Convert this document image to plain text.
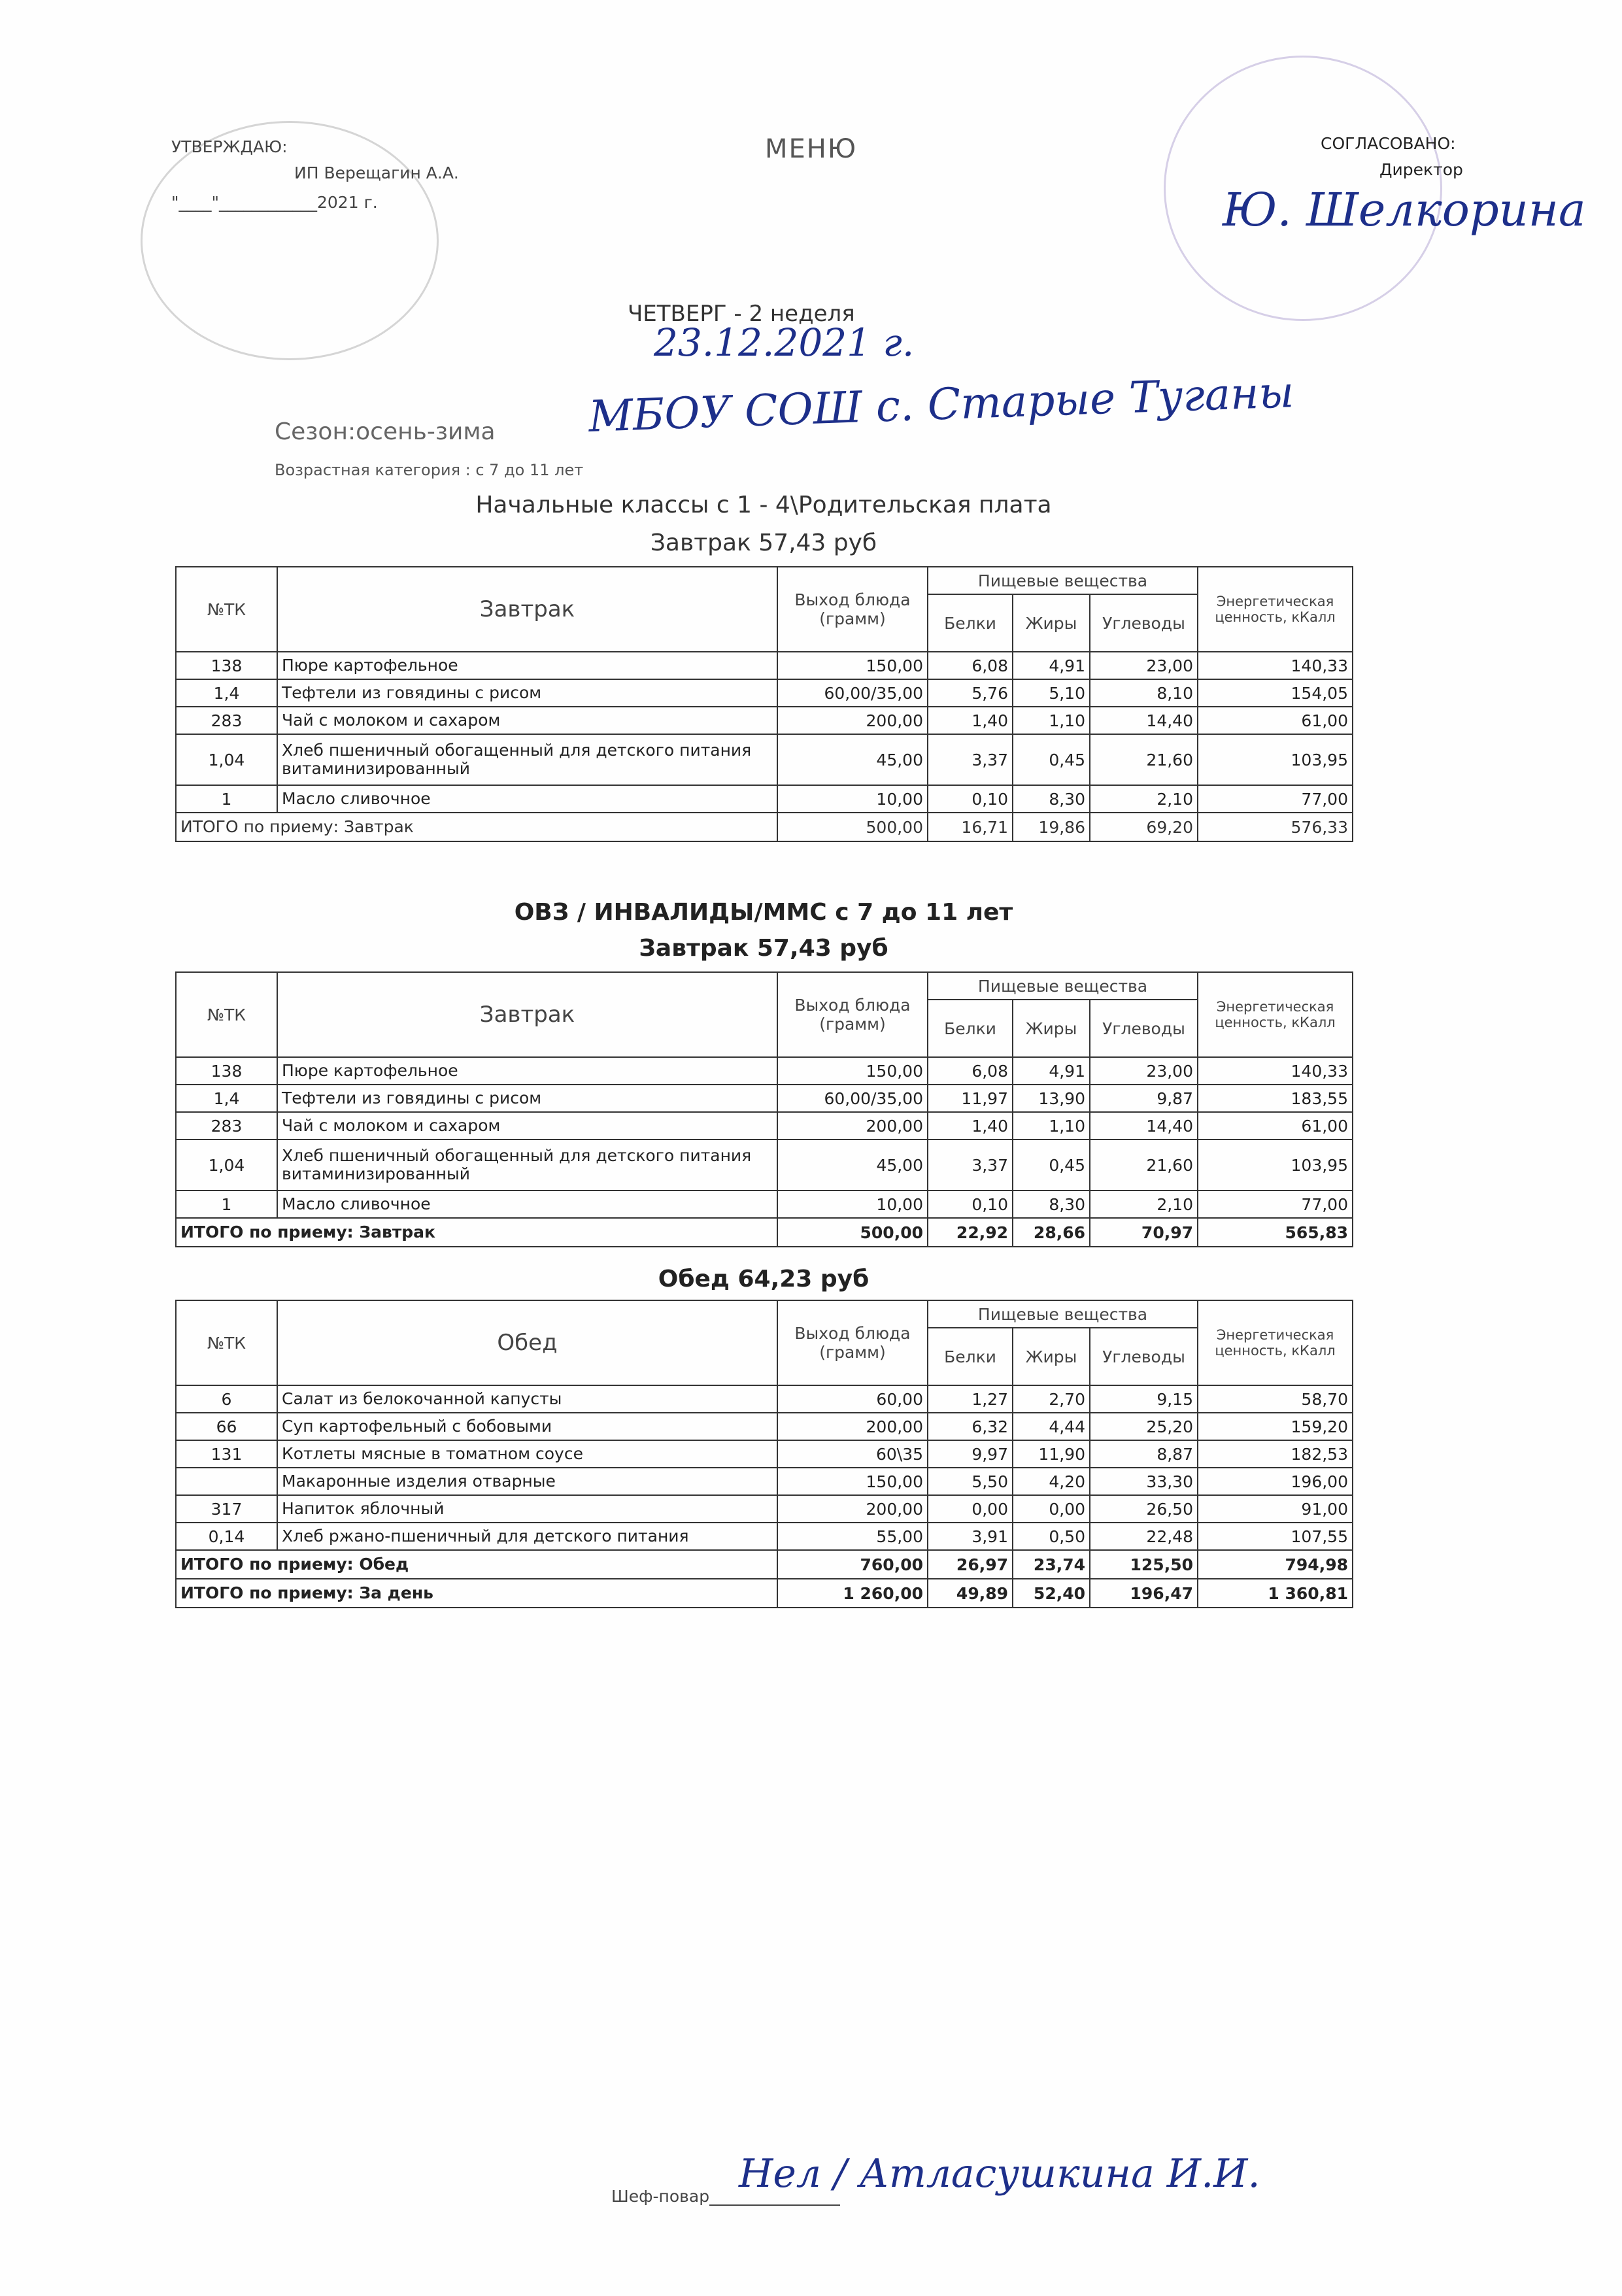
УТВЕРЖДАЮ:
ИП Верещагин А.А.
"____"____________2021 г.
МЕНЮ	СОГЛАСОВАНО:
Директор
Ю. Шелкорина
ЧЕТВЕРГ - 2 неделя
23.12.2021 г.
МБОУ СОШ с. Старые Туганы
Сезон:осень-зима
Возрастная категория : с 7 до 11 лет
Начальные классы с 1 - 4\Родительская плата
Завтрак 57,43 руб
№ТК	Завтрак	Выход блюда (грамм)	Пищевые вещества			Энергетическая ценность, кКалл
			Белки	Жиры	Углеводы	
138	Пюре картофельное	150,00	6,08	4,91	23,00	140,33
1,4	Тефтели из говядины с рисом	60,00/35,00	5,76	5,10	8,10	154,05
283	Чай с молоком и сахаром	200,00	1,40	1,10	14,40	61,00
1,04	Хлеб пшеничный обогащенный для детского питания витаминизированный	45,00	3,37	0,45	21,60	103,95
1	Масло сливочное	10,00	0,10	8,30	2,10	77,00
ИТОГО по приему: Завтрак		500,00	16,71	19,86	69,20	576,33
ОВЗ / ИНВАЛИДЫ/ММС с 7 до 11 лет
Завтрак 57,43 руб
№ТК	Завтрак	Выход блюда (грамм)	Пищевые вещества			Энергетическая ценность, кКалл
			Белки	Жиры	Углеводы	
138	Пюре картофельное	150,00	6,08	4,91	23,00	140,33
1,4	Тефтели из говядины с рисом	60,00/35,00	11,97	13,90	9,87	183,55
283	Чай с молоком и сахаром	200,00	1,40	1,10	14,40	61,00
1,04	Хлеб пшеничный обогащенный для детского питания витаминизированный	45,00	3,37	0,45	21,60	103,95
1	Масло сливочное	10,00	0,10	8,30	2,10	77,00
ИТОГО по приему: Завтрак		500,00	22,92	28,66	70,97	565,83
Обед 64,23 руб
№ТК	Обед	Выход блюда (грамм)	Пищевые вещества			Энергетическая ценность, кКалл
			Белки	Жиры	Углеводы	
6	Салат из белокочанной капусты	60,00	1,27	2,70	9,15	58,70
66	Суп картофельный с бобовыми	200,00	6,32	4,44	25,20	159,20
131	Котлеты мясные в томатном соусе	60\35	9,97	11,90	8,87	182,53
	Макаронные изделия отварные	150,00	5,50	4,20	33,30	196,00
317	Напиток яблочный	200,00	0,00	0,00	26,50	91,00
0,14	Хлеб ржано-пшеничный для детского питания	55,00	3,91	0,50	22,48	107,55
ИТОГО по приему: Обед		760,00	26,97	23,74	125,50	794,98
ИТОГО по приему: За день		1 260,00	49,89	52,40	196,47	1 360,81
Шеф-повар Нел / Атласушкина И.И.
